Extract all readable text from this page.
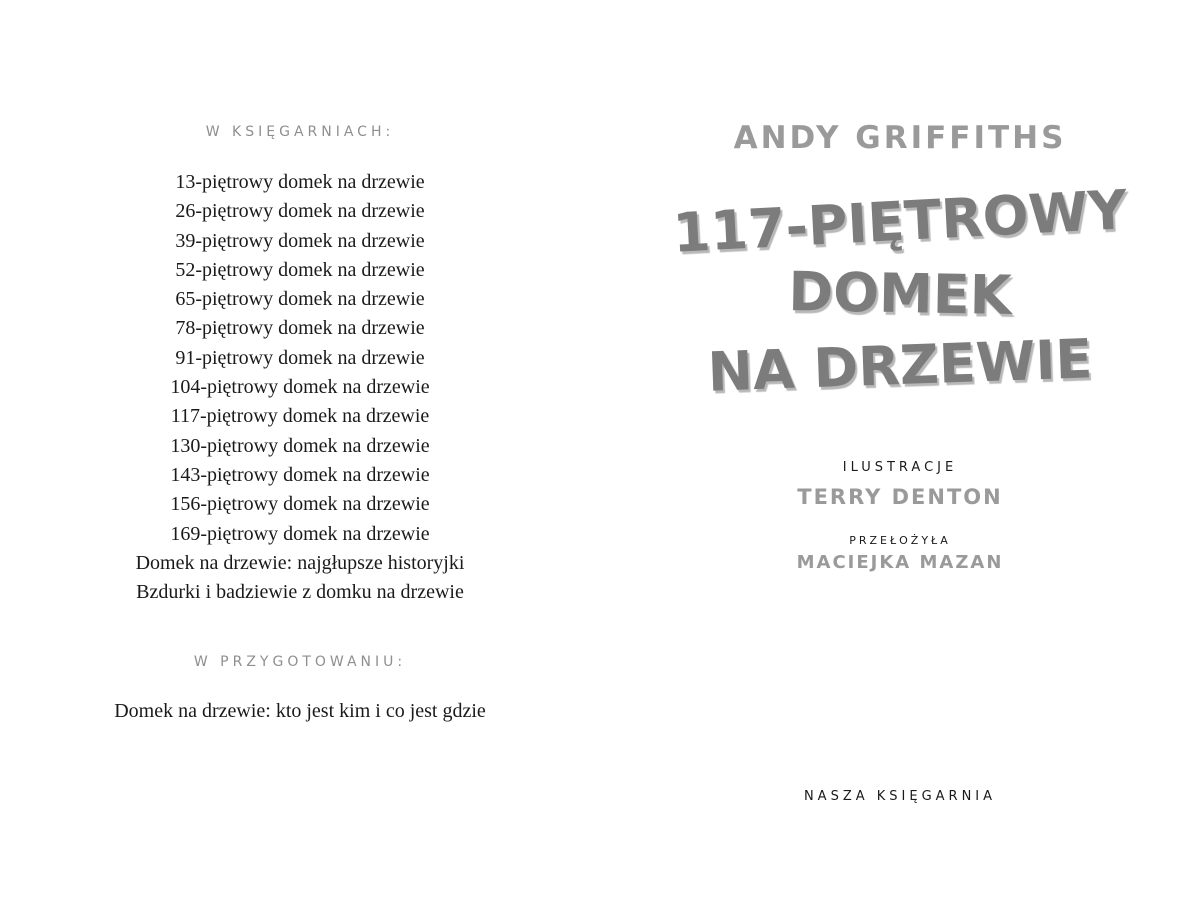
W KSIĘGARNIACH:

13-piętrowy domek na drzewie
26-piętrowy domek na drzewie
39-piętrowy domek na drzewie
52-piętrowy domek na drzewie
65-piętrowy domek na drzewie
78-piętrowy domek na drzewie
91-piętrowy domek na drzewie
104-piętrowy domek na drzewie
117-piętrowy domek na drzewie
130-piętrowy domek na drzewie
143-piętrowy domek na drzewie
156-piętrowy domek na drzewie
169-piętrowy domek na drzewie
Domek na drzewie: najgłupsze historyjki
Bzdurki i badziewie z domku na drzewie

W PRZYGOTOWANIU:

Domek na drzewie: kto jest kim i co jest gdzie

ANDY GRIFFITHS

117-PIĘTROWY
DOMEK
NA DRZEWIE

ILUSTRACJE

TERRY DENTON

PRZEŁOŻYŁA

MACIEJKA MAZAN

NASZA KSIĘGARNIA
